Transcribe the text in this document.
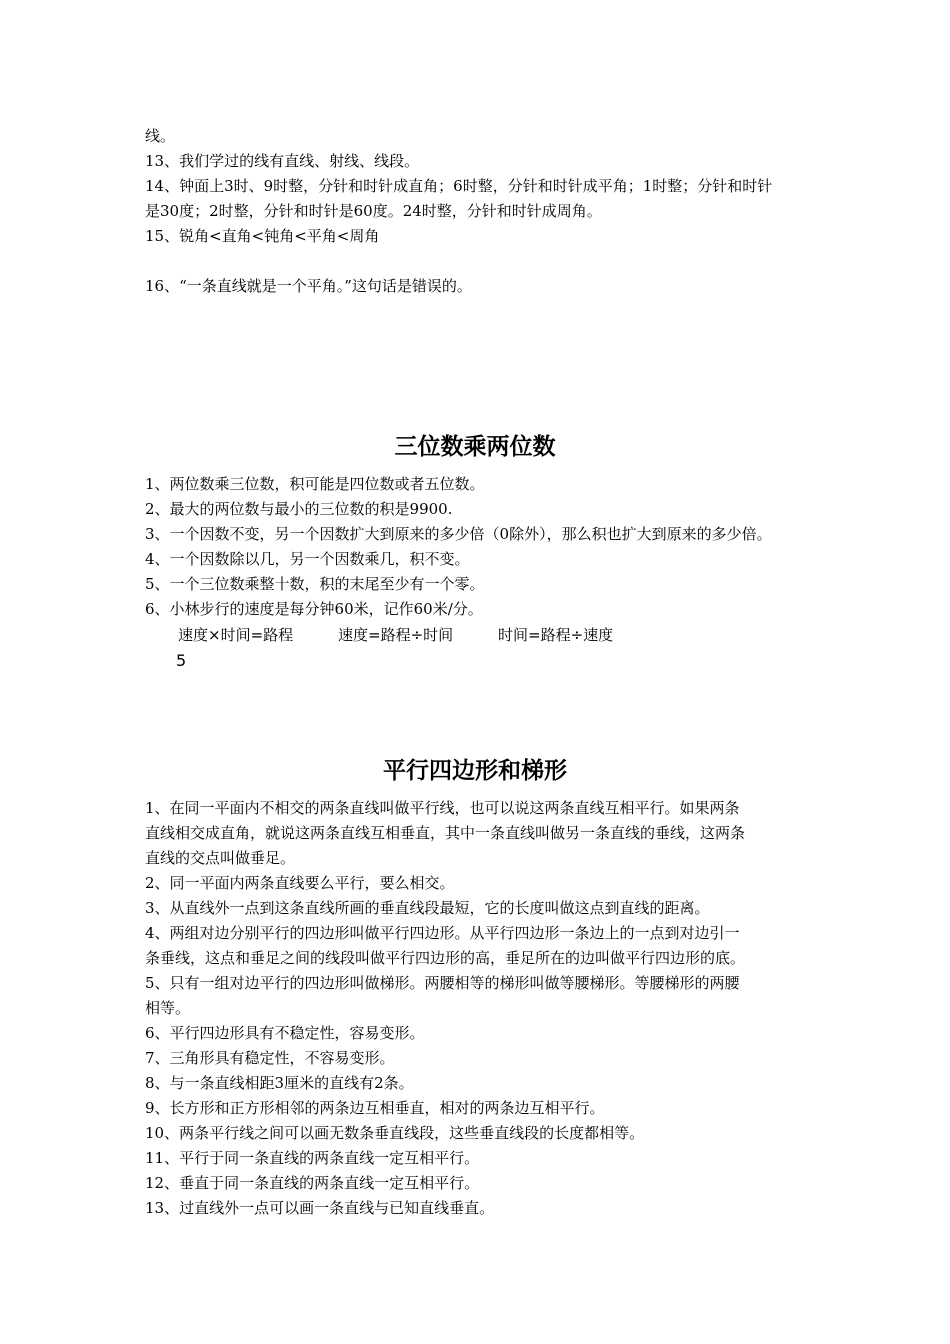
线。
13、我们学过的线有直线、射线、线段。
14、钟面上3时、9时整，分针和时针成直角；6时整，分针和时针成平角；1时整；分针和时针
是30度；2时整，分针和时针是60度。24时整，分针和时针成周角。
15、锐角<直角<钝角<平角<周角
16、“一条直线就是一个平角。”这句话是错误的。
三位数乘两位数
1、两位数乘三位数，积可能是四位数或者五位数。
2、最大的两位数与最小的三位数的积是9900.
3、一个因数不变，另一个因数扩大到原来的多少倍（0除外），那么积也扩大到原来的多少倍。
4、一个因数除以几，另一个因数乘几，积不变。
5、一个三位数乘整十数，积的末尾至少有一个零。
6、小林步行的速度是每分钟60米，记作60米/分。
速度×时间=路程	速度=路程÷时间	时间=路程÷速度
5
平行四边形和梯形
1、在同一平面内不相交的两条直线叫做平行线，也可以说这两条直线互相平行。如果两条
直线相交成直角，就说这两条直线互相垂直，其中一条直线叫做另一条直线的垂线，这两条
直线的交点叫做垂足。
2、同一平面内两条直线要么平行，要么相交。
3、从直线外一点到这条直线所画的垂直线段最短，它的长度叫做这点到直线的距离。
4、两组对边分别平行的四边形叫做平行四边形。从平行四边形一条边上的一点到对边引一
条垂线，这点和垂足之间的线段叫做平行四边形的高，垂足所在的边叫做平行四边形的底。
5、只有一组对边平行的四边形叫做梯形。两腰相等的梯形叫做等腰梯形。等腰梯形的两腰
相等。
6、平行四边形具有不稳定性，容易变形。
7、三角形具有稳定性，不容易变形。
8、与一条直线相距3厘米的直线有2条。
9、长方形和正方形相邻的两条边互相垂直，相对的两条边互相平行。
10、两条平行线之间可以画无数条垂直线段，这些垂直线段的长度都相等。
11、平行于同一条直线的两条直线一定互相平行。
12、垂直于同一条直线的两条直线一定互相平行。
13、过直线外一点可以画一条直线与已知直线垂直。
